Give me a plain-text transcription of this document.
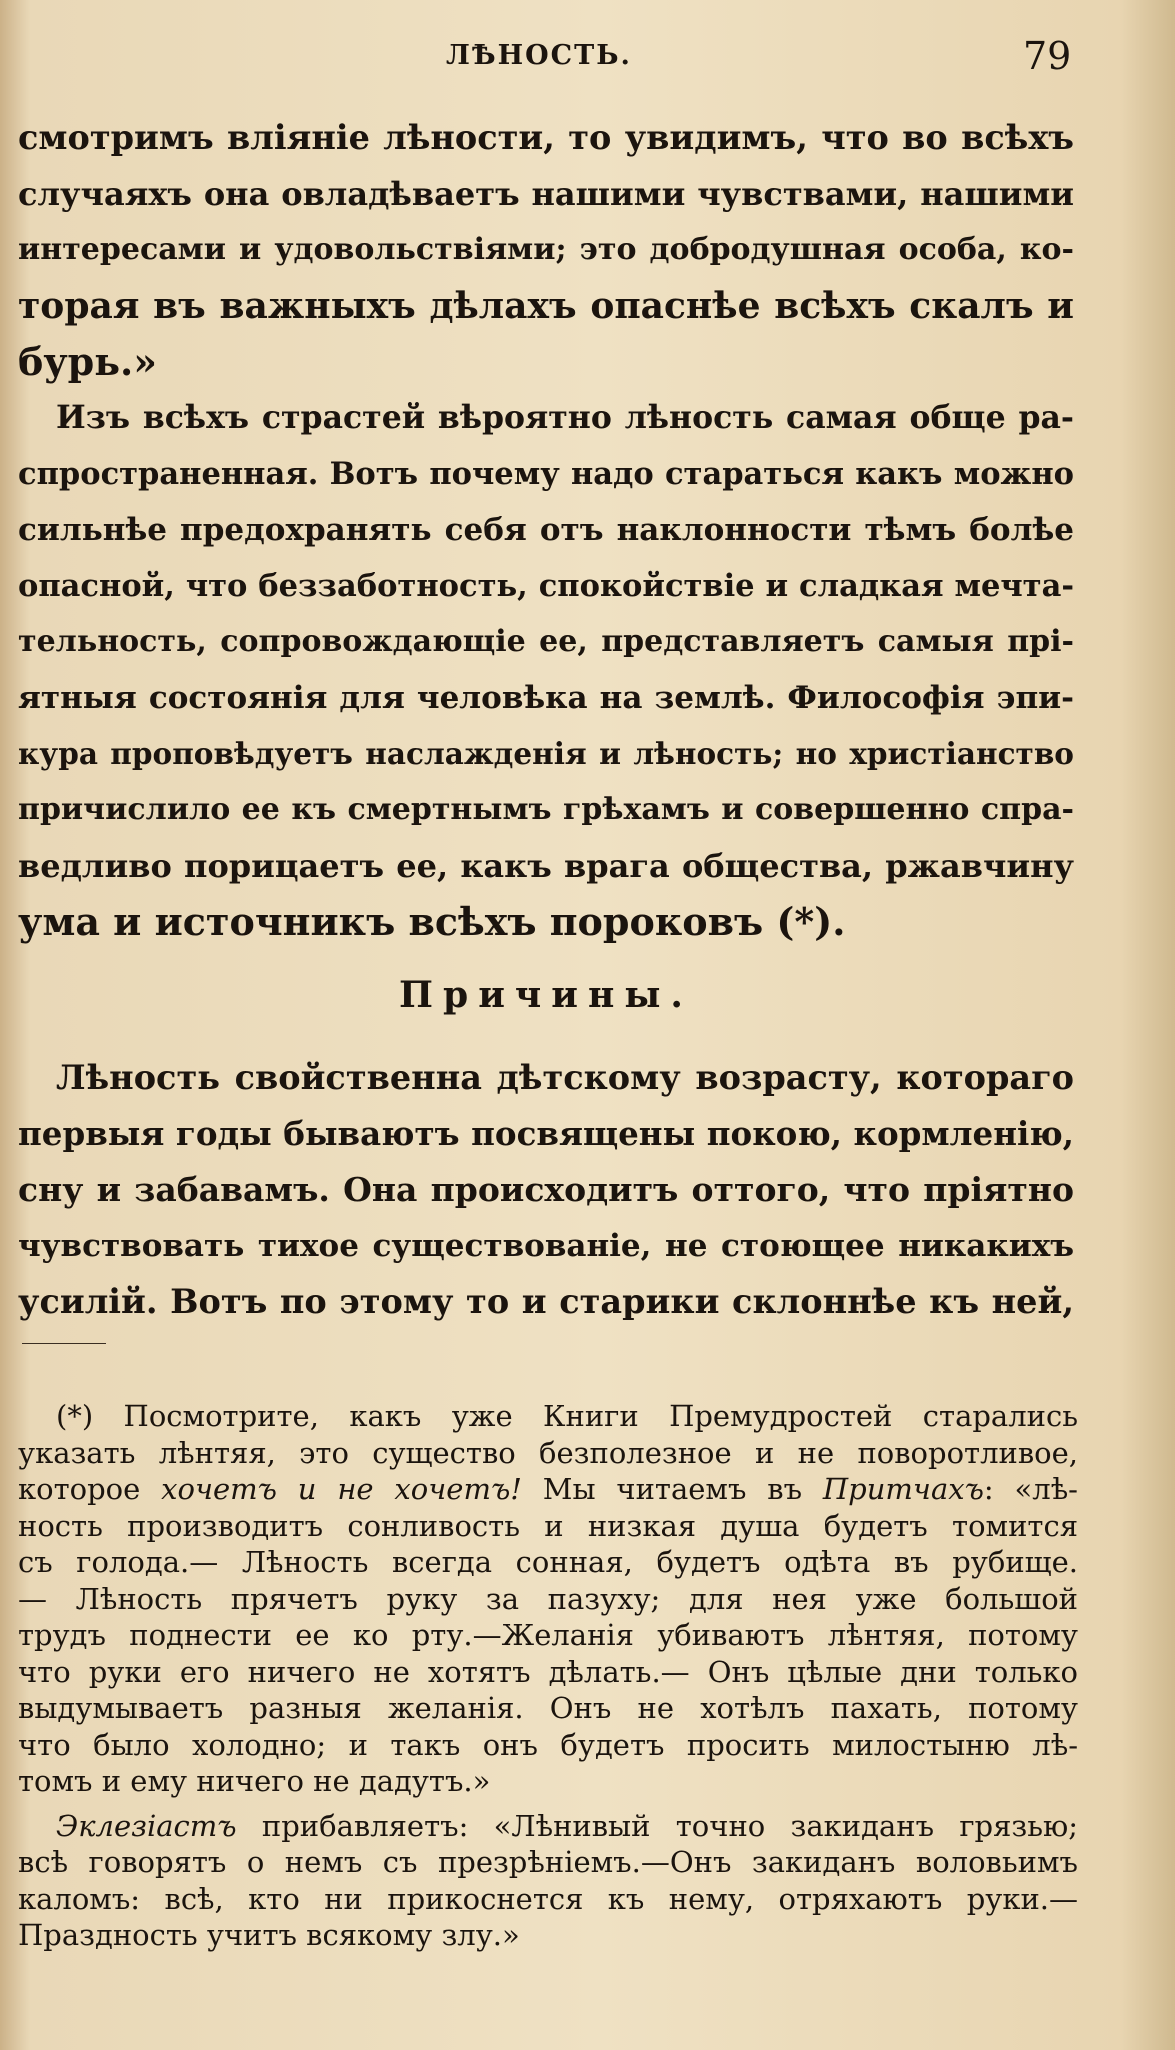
ЛѢНОСТЬ.	79
смотримъ вліяніе лѣности, то увидимъ, что во всѣхъ
случаяхъ она овладѣваетъ нашими чувствами, нашими
интересами и удовольствіями; это добродушная особа, ко-
торая въ важныхъ дѣлахъ опаснѣе всѣхъ скалъ и
бурь.»
Изъ всѣхъ страстей вѣроятно лѣность самая обще ра-
спространенная. Вотъ почему надо стараться какъ можно
сильнѣе предохранять себя отъ наклонности тѣмъ болѣе
опасной, что беззаботность, спокойствіе и сладкая мечта-
тельность, сопровождающіе ее, представляетъ самыя прі-
ятныя состоянія для человѣка на землѣ. Философія эпи-
кура проповѣдуетъ наслажденія и лѣность; но христіанство
причислило ее къ смертнымъ грѣхамъ и совершенно спра-
ведливо порицаетъ ее, какъ врага общества, ржавчину
ума и источникъ всѣхъ пороковъ (*).
Причины.
Лѣность свойственна дѣтскому возрасту, котораго
первыя годы бываютъ посвящены покою, кормленію,
сну и забавамъ. Она происходитъ оттого, что пріятно
чувствовать тихое существованіе, не стоющее никакихъ
усилій. Вотъ по этому то и старики склоннѣе къ ней,
(*) Посмотрите, какъ уже Книги Премудростей старались
указать лѣнтяя, это существо безполезное и не поворотливое,
которое хочетъ и не хочетъ! Мы читаемъ въ Притчахъ: «лѣ-
ность производитъ сонливость и низкая душа будетъ томится
съ голода.— Лѣность всегда сонная, будетъ одѣта въ рубище.
— Лѣность прячетъ руку за пазуху; для нея уже большой
трудъ поднести ее ко рту.—Желанія убиваютъ лѣнтяя, потому
что руки его ничего не хотятъ дѣлать.— Онъ цѣлые дни только
выдумываетъ разныя желанія. Онъ не хотѣлъ пахать, потому
что было холодно; и такъ онъ будетъ просить милостыню лѣ-
томъ и ему ничего не дадутъ.»
Эклезіастъ прибавляетъ: «Лѣнивый точно закиданъ грязью;
всѣ говорятъ о немъ съ презрѣніемъ.—Онъ закиданъ воловьимъ
каломъ: всѣ, кто ни прикоснется къ нему, отряхаютъ руки.—
Праздность учитъ всякому злу.»
